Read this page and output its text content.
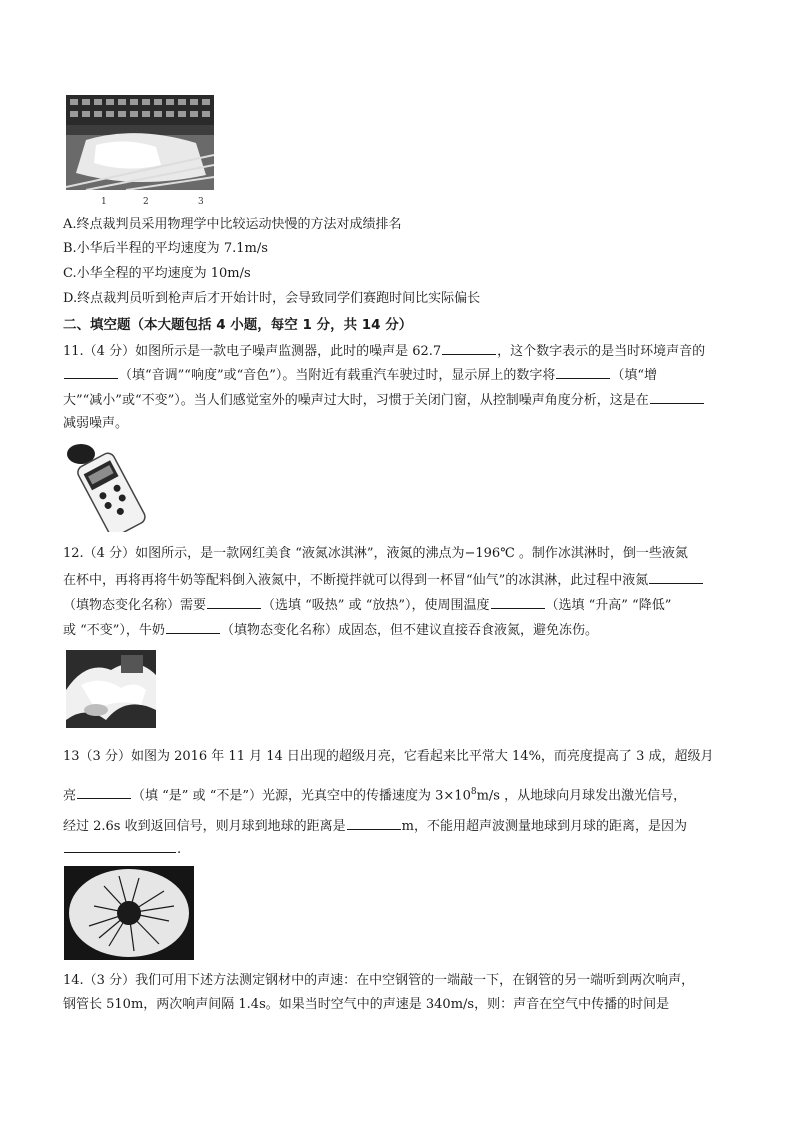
1	2	3
A.终点裁判员采用物理学中比较运动快慢的方法对成绩排名
B.小华后半程的平均速度为 7.1m/s
C.小华全程的平均速度为 10m/s
D.终点裁判员听到枪声后才开始计时，会导致同学们赛跑时间比实际偏长
二、填空题（本大题包括 4 小题，每空 1 分，共 14 分）
11.（4 分）如图所示是一款电子噪声监测器，此时的噪声是 62.7	，这个数字表示的是当时环境声音的
（填“音调”“响度”或“音色”）。当附近有载重汽车驶过时，显示屏上的数字将	（填“增
大”“减小”或“不变”）。当人们感觉室外的噪声过大时，习惯于关闭门窗，从控制噪声角度分析，这是在
减弱噪声。
12.（4 分）如图所示，是一款网红美食 “液氮冰淇淋”，液氮的沸点为−196℃ 。制作冰淇淋时，倒一些液氮
在杯中，再将再将牛奶等配料倒入液氮中，不断搅拌就可以得到一杯冒“仙气”的冰淇淋，此过程中液氮
（填物态变化名称）需要	（选填 “吸热” 或 “放热”），使周围温度	（选填 “升高” “降低”
或 “不变”），牛奶	（填物态变化名称）成固态，但不建议直接吞食液氮，避免冻伤。
13（3 分）如图为 2016 年 11 月 14 日出现的超级月亮，它看起来比平常大 14%，而亮度提高了 3 成，超级月
亮	（填 “是” 或 “不是”）光源，光真空中的传播速度为 $3\times 10^8m/s$ ，从地球向月球发出激光信号，
经过 2.6s 收到返回信号，则月球到地球的距离是	m，不能用超声波测量地球到月球的距离，是因为
.
14.（3 分）我们可用下述方法测定钢材中的声速：在中空钢管的一端敲一下，在钢管的另一端听到两次响声，
钢管长 510m，两次响声间隔 1.4s。如果当时空气中的声速是 340m/s，则：声音在空气中传播的时间是
